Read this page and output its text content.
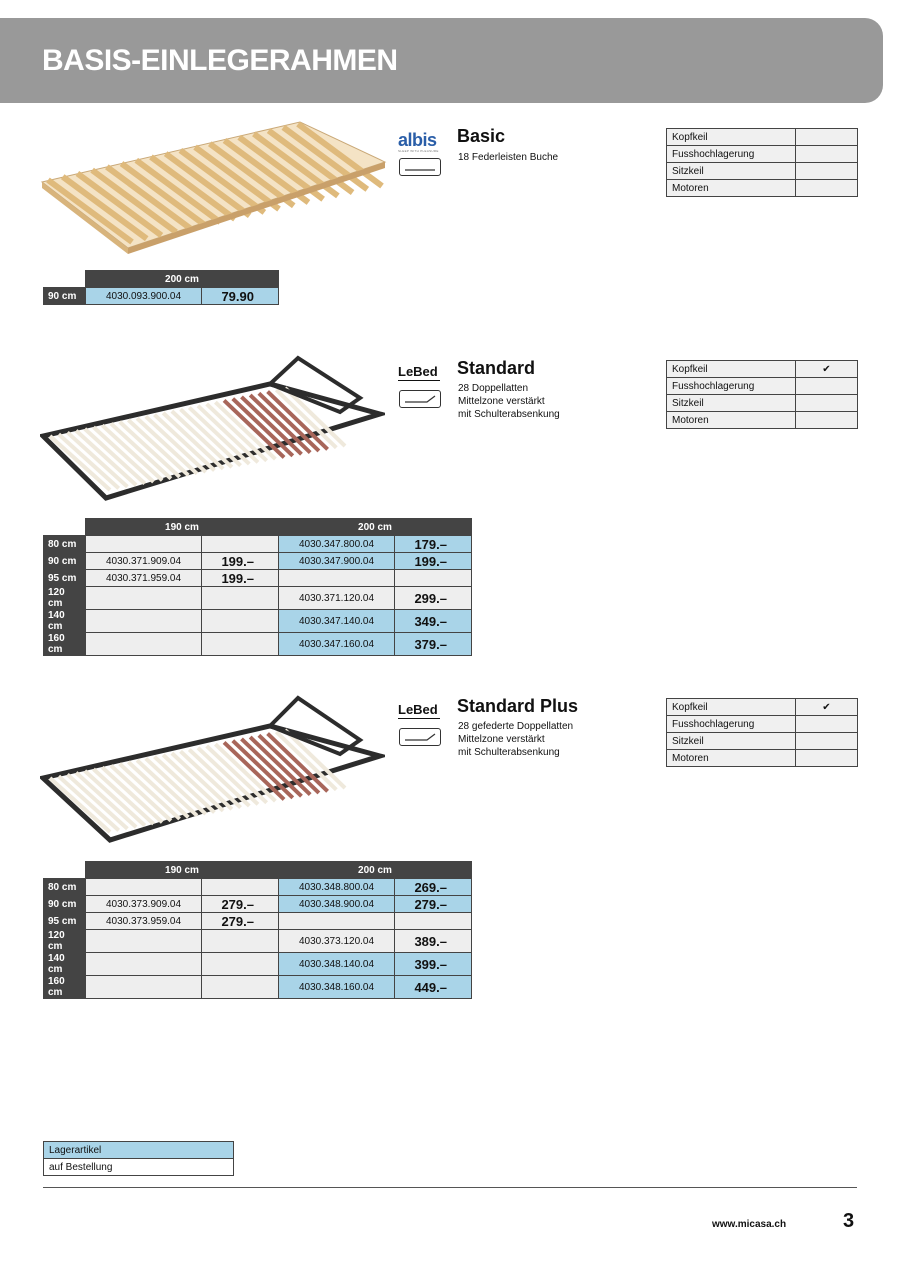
BASIS-EINLEGERAHMEN
albis
SLEEP WITH PLEASURE
Basic
18 Federleisten Buche
Kopfkeil	
Fusshochlagerung	
Sitzkeil	
Motoren	
	200 cm	
90 cm	4030.093.900.04	79.90
LeBed Standard
28 Doppellatten
Mittelzone verstärkt
mit Schulterabsenkung
Kopfkeil	✔
Fusshochlagerung	
Sitzkeil	
Motoren	
	190 cm		200 cm	
80 cm			4030.347.800.04	179.–
90 cm	4030.371.909.04	199.–	4030.347.900.04	199.–
95 cm	4030.371.959.04	199.–		
120 cm			4030.371.120.04	299.–
140 cm			4030.347.140.04	349.–
160 cm			4030.347.160.04	379.–
LeBed Standard Plus
28 gefederte Doppellatten
Mittelzone verstärkt
mit Schulterabsenkung
Kopfkeil	✔
Fusshochlagerung	
Sitzkeil	
Motoren	
	190 cm		200 cm	
80 cm			4030.348.800.04	269.–
90 cm	4030.373.909.04	279.–	4030.348.900.04	279.–
95 cm	4030.373.959.04	279.–		
120 cm			4030.373.120.04	389.–
140 cm			4030.348.140.04	399.–
160 cm			4030.348.160.04	449.–
Lagerartikel
auf Bestellung
www.micasa.ch	3
